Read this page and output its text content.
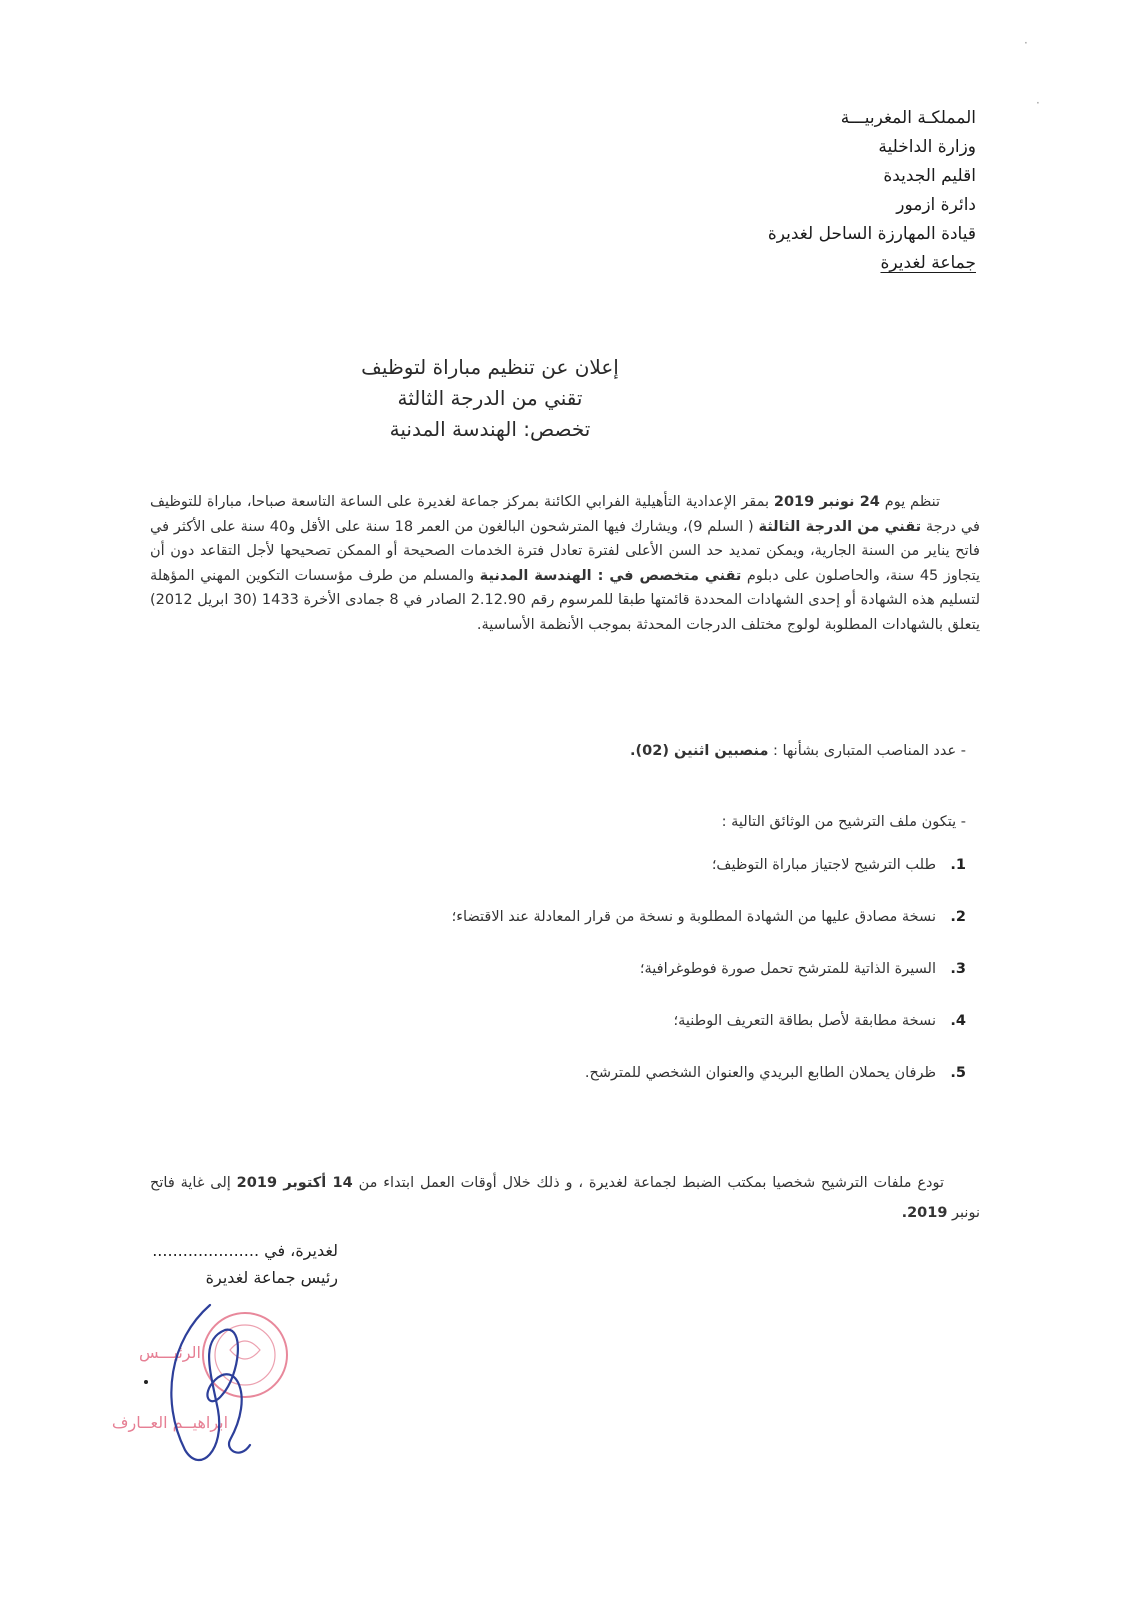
·
·
المملكـة المغربيـــة
وزارة الداخلية
اقليم الجديدة
دائرة ازمور
قيادة المهارزة الساحل لغديرة
جماعة لغديرة
إعلان عن تنظيم مباراة لتوظيف
تقني من الدرجة الثالثة
تخصص: الهندسة المدنية

تنظم يوم 24 نونبر 2019 بمقر الإعدادية التأهيلية الفرابي الكائنة بمركز جماعة لغديرة على الساعة التاسعة صباحا، مباراة للتوظيف في درجة تقني من الدرجة الثالثة ( السلم 9)، ويشارك فيها المترشحون البالغون من العمر 18 سنة على الأقل و40 سنة على الأكثر في فاتح يناير من السنة الجارية، ويمكن تمديد حد السن الأعلى لفترة تعادل فترة الخدمات الصحيحة أو الممكن تصحيحها لأجل التقاعد دون أن يتجاوز 45 سنة، والحاصلون على دبلوم تقني متخصص في : الهندسة المدنية والمسلم من طرف مؤسسات التكوين المهني المؤهلة لتسليم هذه الشهادة أو إحدى الشهادات المحددة قائمتها طبقا للمرسوم رقم 2.12.90 الصادر في 8 جمادى الأخرة 1433 (30 ابريل 2012) يتعلق بالشهادات المطلوبة لولوج مختلف الدرجات المحدثة بموجب الأنظمة الأساسية.

- عدد المناصب المتبارى بشأنها : منصبين اثنين (02).
- يتكون ملف الترشيح من الوثائق التالية :
1.طلب الترشيح لاجتياز مباراة التوظيف؛
2.نسخة مصادق عليها من الشهادة المطلوبة و نسخة من قرار المعادلة عند الاقتضاء؛
3.السيرة الذاتية للمترشح تحمل صورة فوطوغرافية؛
4.نسخة مطابقة لأصل بطاقة التعريف الوطنية؛
5.ظرفان يحملان الطابع البريدي والعنوان الشخصي للمترشح.
تودع ملفات الترشيح شخصيا بمكتب الضبط لجماعة لغديرة ، و ذلك خلال أوقات العمل ابتداء من 14 أكتوبر 2019 إلى غاية فاتح نونبر 2019.
لغديرة، في .....................
رئيس جماعة لغديرة
الرئيـــس
ابراهيــم العــارف
